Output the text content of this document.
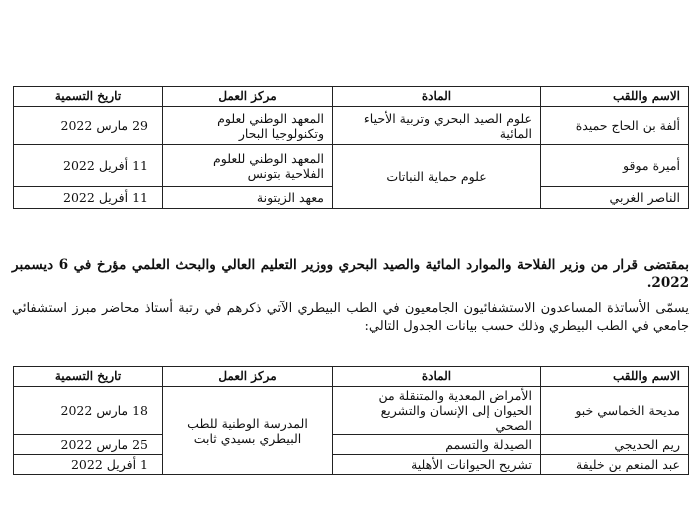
الاسم واللقب	المادة	مركز العمل	تاريخ التسمية
ألفة بن الحاج حميدة	علوم الصيد البحري وتربية الأحياء المائية	المعهد الوطني لعلوم وتكنولوجيا البحار	29 مارس 2022
أميرة موقو	علوم حماية النباتات	المعهد الوطني للعلوم الفلاحية بتونس	11 أفريل 2022
الناصر الغربي		معهد الزيتونة	11 أفريل 2022
بمقتضى قرار من وزير الفلاحة والموارد المائية والصيد البحري ووزير التعليم العالي والبحث العلمي مؤرخ في 6 ديسمبر 2022.
يسمّى الأساتذة المساعدون الاستشفائيون الجامعيون في الطب البيطري الآتي ذكرهم في رتبة أستاذ محاضر مبرز استشفائي جامعي في الطب البيطري وذلك حسب بيانات الجدول التالي:
الاسم واللقب	المادة	مركز العمل	تاريخ التسمية
مديحة الخماسي خبو	الأمراض المعدية والمتنقلة من الحيوان إلى الإنسان والتشريع الصحي	المدرسة الوطنية للطب البيطري بسيدي ثابت	18 مارس 2022
ريم الحديجي	الصيدلة والتسمم		25 مارس 2022
عبد المنعم بن خليفة	تشريح الحيوانات الأهلية		1 أفريل 2022
